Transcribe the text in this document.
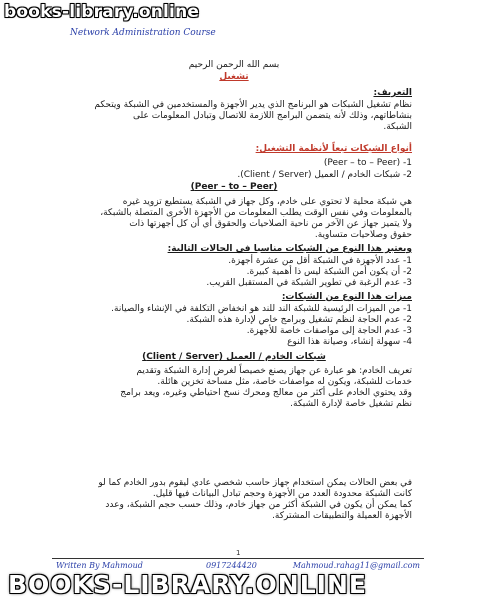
books-library.online
Network Administration Course
بسم الله الرحمن الرحيم
تشغيل
التعريف:
نظام تشغيل الشبكات هو البرنامج الذي يدير الأجهزة والمستخدمين في الشبكة ويتحكم
بنشاطاتهم، وذلك لأنه يتضمن البرامج اللازمة للاتصال وتبادل المعلومات على
الشبكة.
أنواع الشبكات تبعاً لأنظمة التشغيل:
1- (Peer – to – Peer)
2- شبكات الخادم / العميل (Client / Server).
(Peer – to – Peer)
هي شبكة محلية لا تحتوي على خادم، وكل جهاز في الشبكة يستطيع تزويد غيره
بالمعلومات وفي نفس الوقت يطلب المعلومات من الأجهزة الأخرى المتصلة بالشبكة،
ولا يتميز جهاز عن الآخر من ناحية الصلاحيات والحقوق أي أن كل أجهزتها ذات
حقوق وصلاحيات متساوية.
ويعتبر هذا النوع من الشبكات مناسبا في الحالات التالية:
1- عدد الأجهزة في الشبكة أقل من عشرة أجهزة.
2- أن يكون أمن الشبكة ليس ذا أهمية كبيرة.
3- عدم الرغبة في تطوير الشبكة في المستقبل القريب.
ميزات هذا النوع من الشبكات:
1- من الميزات الرئيسية للشبكة الند للند هو انخفاض التكلفة في الإنشاء والصيانة.
2- عدم الحاجة لنظم تشغيل وبرامج خاص لإدارة هذه الشبكة.
3- عدم الحاجة إلى مواصفات خاصة للأجهزة.
4- سهولة إنشاء، وصيانة هذا النوع
شبكات الخادم / العميل (Client / Server)
تعريف الخادم: هو عبارة عن جهاز يصنع خصيصاً لغرض إدارة الشبكة وتقديم
خدمات للشبكة، ويكون له مواصفات خاصة، مثل مساحة تخزين هائلة.
وقد يحتوي الخادم على أكثر من معالج ومحرك نسخ احتياطي وغيره، ويعد برامج
نظم تشغيل خاصة لإدارة الشبكة.
في بعض الحالات يمكن استخدام جهاز حاسب شخصي عادي ليقوم بدور الخادم كما لو
كانت الشبكة محدودة العدد من الأجهزة وحجم تبادل البيانات فيها قليل.
كما يمكن أن يكون في الشبكة أكثر من جهاز خادم، وذلك حسب حجم الشبكة، وعدد
الأجهزة العميلة والتطبيقات المشتركة.
1
Written By Mahmoud	0917244420	Mahmoud.rahag11@gmail.com
BOOKS-LIBRARY.ONLINE
